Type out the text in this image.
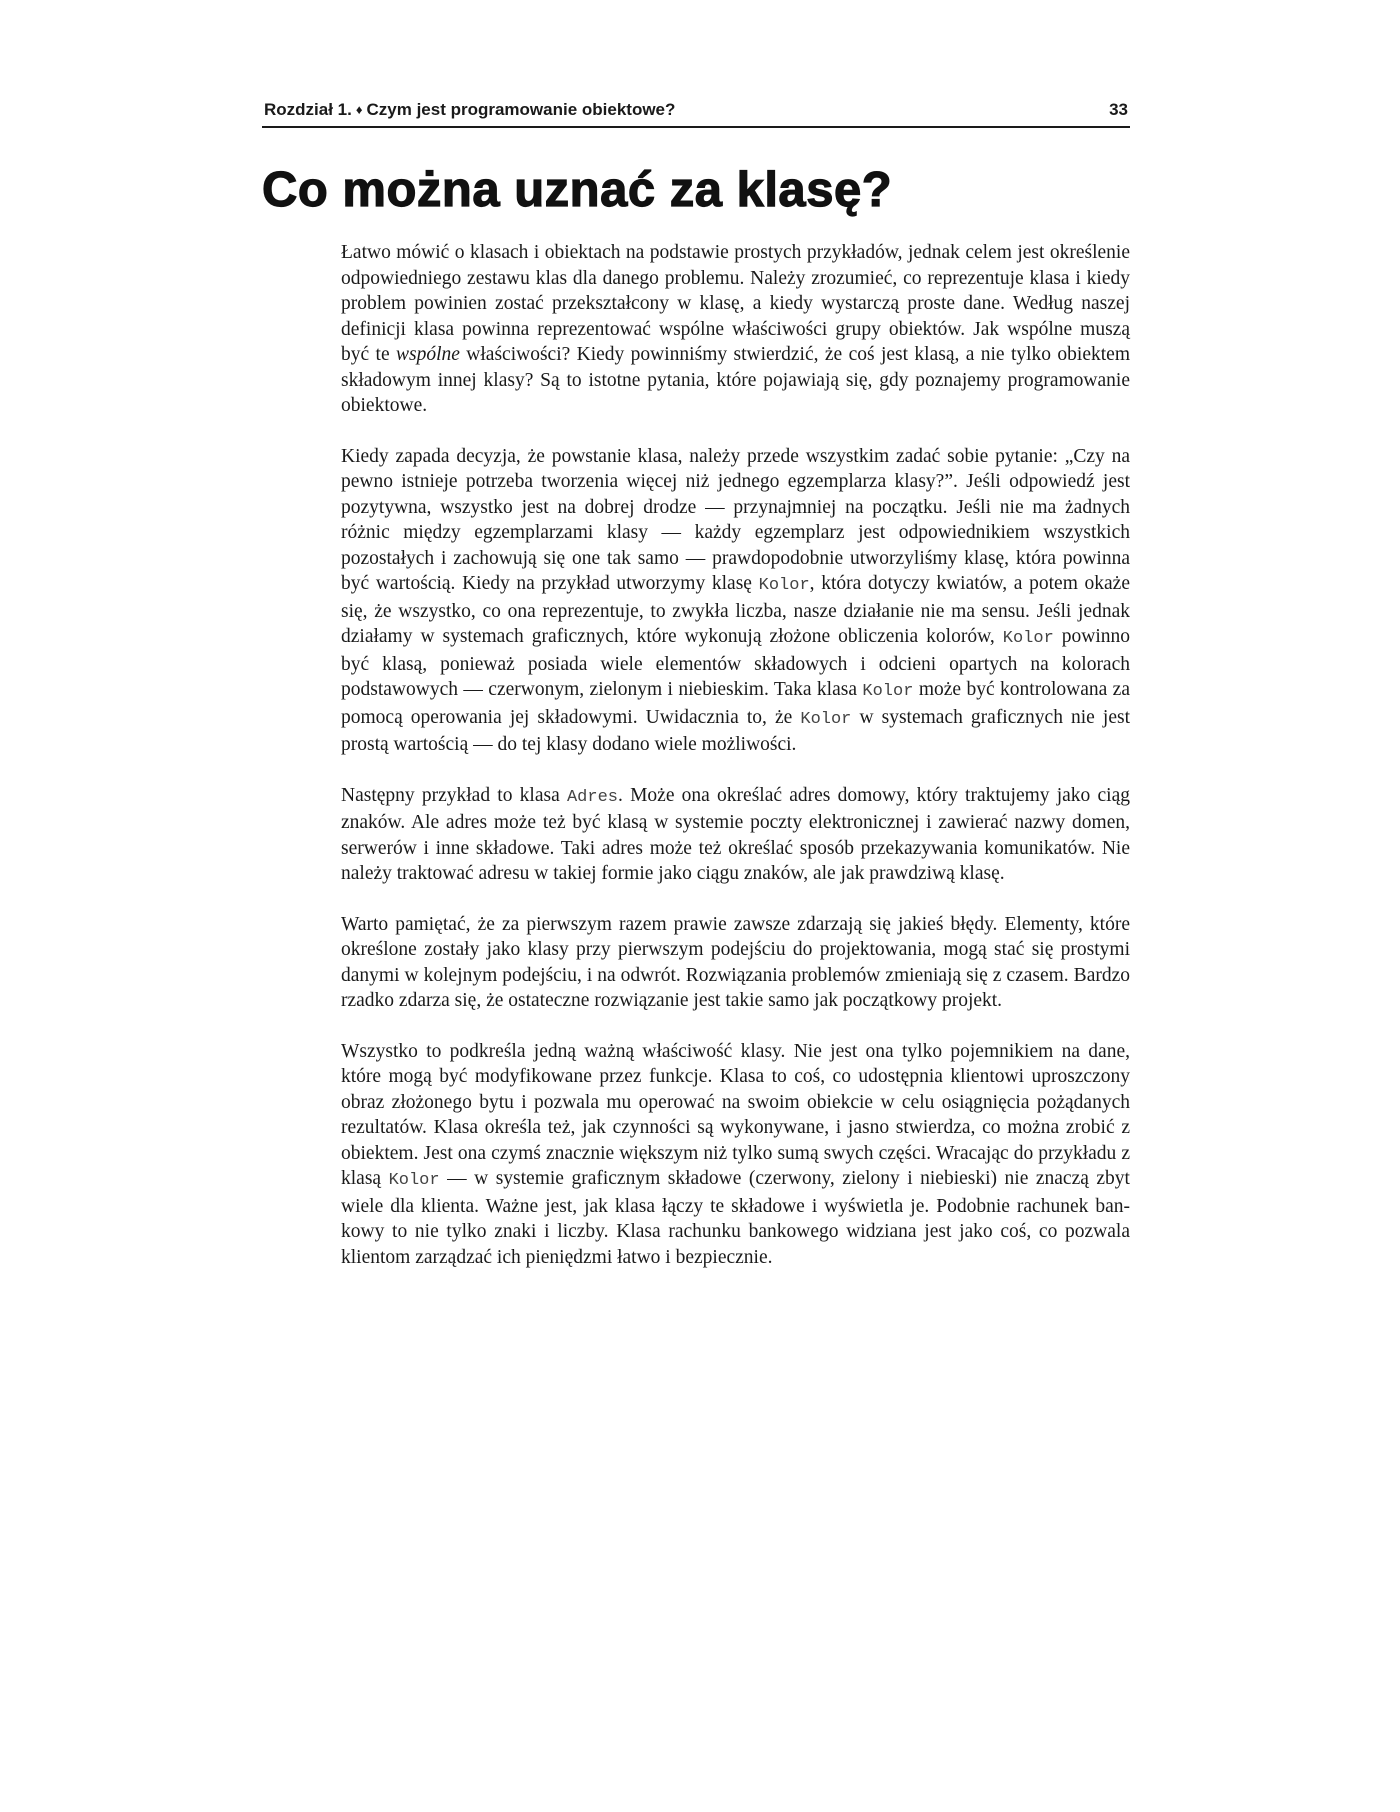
Rozdział 1. ♦ Czym jest programowanie obiektowe?	33
Co można uznać za klasę?

Łatwo mówić o klasach i obiektach na podstawie prostych przykładów, jednak celem jest określenie odpowiedniego zestawu klas dla danego problemu. Należy zrozumieć, co reprezentuje klasa i kiedy problem powinien zostać przekształcony w klasę, a kiedy wystarczą proste dane. Według naszej definicji klasa powinna reprezentować wspólne właściwości grupy obiektów. Jak wspólne muszą być te wspólne właściwości? Kiedy powinniśmy stwierdzić, że coś jest klasą, a nie tylko obiektem składowym innej klasy? Są to istotne pytania, które pojawiają się, gdy poznajemy programowanie obiektowe.

Kiedy zapada decyzja, że powstanie klasa, należy przede wszystkim zadać sobie pytanie: „Czy na pewno istnieje potrzeba tworzenia więcej niż jednego egzemplarza klasy?”. Jeśli odpowiedź jest pozytywna, wszystko jest na dobrej drodze — przynajmniej na początku. Jeśli nie ma żadnych różnic między egzemplarzami klasy — każdy egzemplarz jest odpowiednikiem wszystkich pozostałych i zachowują się one tak samo — prawdopodobnie utworzyliśmy klasę, która powinna być wartością. Kiedy na przykład utworzymy klasę Kolor, która dotyczy kwiatów, a potem okaże się, że wszystko, co ona reprezentuje, to zwykła liczba, nasze działanie nie ma sensu. Jeśli jednak działamy w systemach graficznych, które wykonują złożone obliczenia kolorów, Kolor powinno być klasą, ponieważ posiada wiele elementów składowych i odcieni opartych na kolorach podstawowych — czerwonym, zielonym i niebieskim. Taka klasa Kolor może być kontrolowana za pomocą operowania jej składowymi. Uwidacznia to, że Kolor w systemach graficznych nie jest prostą wartością — do tej klasy dodano wiele możliwości.

Następny przykład to klasa Adres. Może ona określać adres domowy, który traktujemy jako ciąg znaków. Ale adres może też być klasą w systemie poczty elektronicznej i zawierać nazwy domen, serwerów i inne składowe. Taki adres może też określać sposób przekazywania komunikatów. Nie należy traktować adresu w takiej formie jako ciągu znaków, ale jak prawdziwą klasę.

Warto pamiętać, że za pierwszym razem prawie zawsze zdarzają się jakieś błędy. Elementy, które określone zostały jako klasy przy pierwszym podejściu do projektowania, mogą stać się prostymi danymi w kolejnym podejściu, i na odwrót. Rozwiązania problemów zmieniają się z czasem. Bardzo rzadko zdarza się, że ostateczne rozwiązanie jest takie samo jak początkowy projekt.

Wszystko to podkreśla jedną ważną właściwość klasy. Nie jest ona tylko pojemnikiem na dane, które mogą być modyfikowane przez funkcje. Klasa to coś, co udostępnia klientowi uproszczony obraz złożonego bytu i pozwala mu operować na swoim obiekcie w celu osiągnięcia pożądanych rezultatów. Klasa określa też, jak czynności są wykonywane, i jasno stwierdza, co można zrobić z obiektem. Jest ona czymś znacznie większym niż tylko sumą swych części. Wracając do przykładu z klasą Kolor — w systemie graficznym składowe (czerwony, zielony i niebieski) nie znaczą zbyt wiele dla klienta. Ważne jest, jak klasa łączy te składowe i wyświetla je. Podobnie rachunek bankowy to nie tylko znaki i liczby. Klasa rachunku bankowego widziana jest jako coś, co pozwala klientom zarządzać ich pieniędzmi łatwo i bezpiecznie.
